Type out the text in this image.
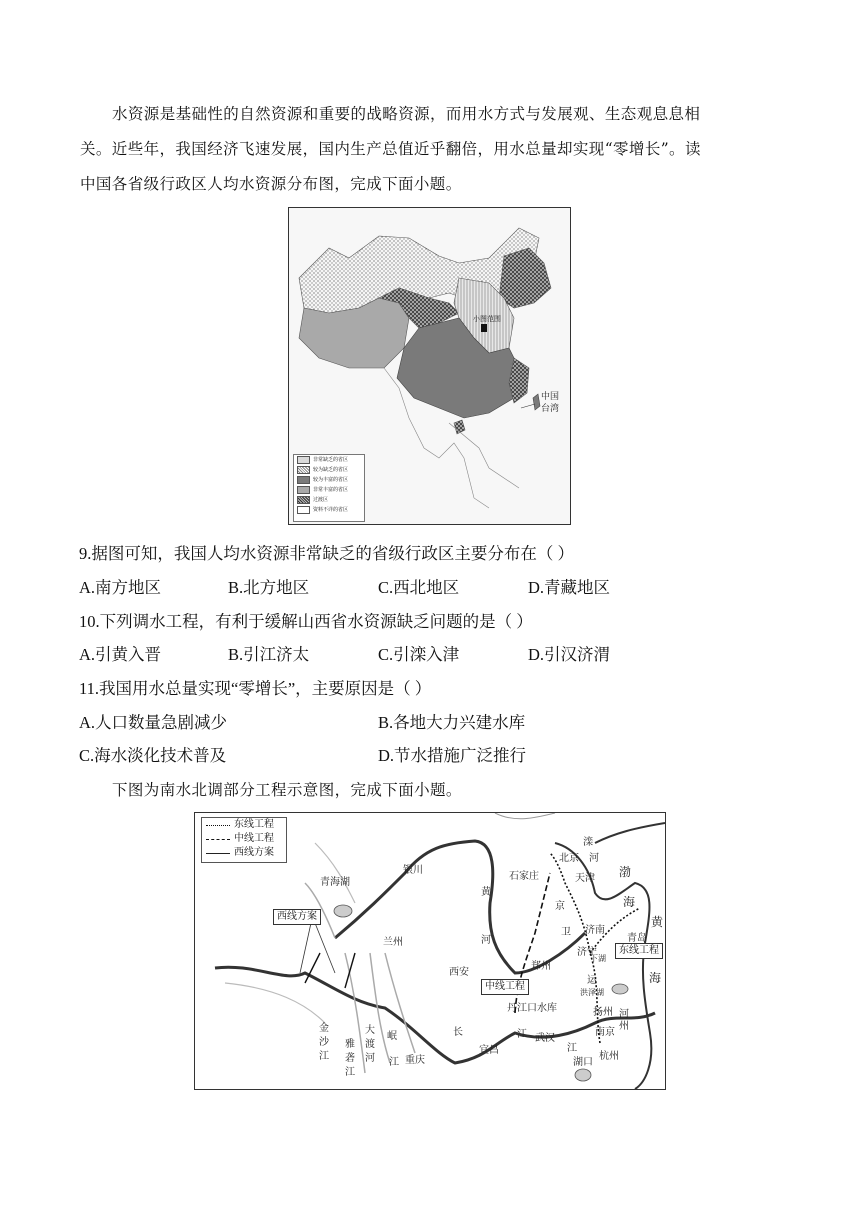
水资源是基础性的自然资源和重要的战略资源，而用水方式与发展观、生态观息息相
关。近些年，我国经济飞速发展，国内生产总值近乎翻倍，用水总量却实现“零增长”。读
中国各省级行政区人均水资源分布图，完成下面小题。
小图范围
中国
台湾
非常缺乏的省区
较为缺乏的省区
较为丰富的省区
非常丰富的省区
过渡区
资料不详的省区
9.据图可知，我国人均水资源非常缺乏的省级行政区主要分布在（ ）
A.南方地区	B.北方地区	C.西北地区	D.青藏地区
10.下列调水工程，有利于缓解山西省水资源缺乏问题的是（ ）
A.引黄入晋	B.引江济太	C.引滦入津	D.引汉济渭
11.我国用水总量实现“零增长”，主要原因是（ ）
A.人口数量急剧减少	B.各地大力兴建水库
C.海水淡化技术普及	D.节水措施广泛推行
下图为南水北调部分工程示意图，完成下面小题。
东线工程
中线工程
西线方案
西线方案
中线工程
东线工程
青海湖
银川
兰州
西安
黄
河
石家庄
北京
天津
京
滦
河
渤
海
黄
济南
济宁
青岛
海
郑州
丹江口水库
下湖
洪泽湖
扬州
南京
杭州
武汉
宜昌
重庆
长	江
江
湖口
金
沙
江
雅
砻
江
大
渡
河
岷
江
运
河
州
卫
